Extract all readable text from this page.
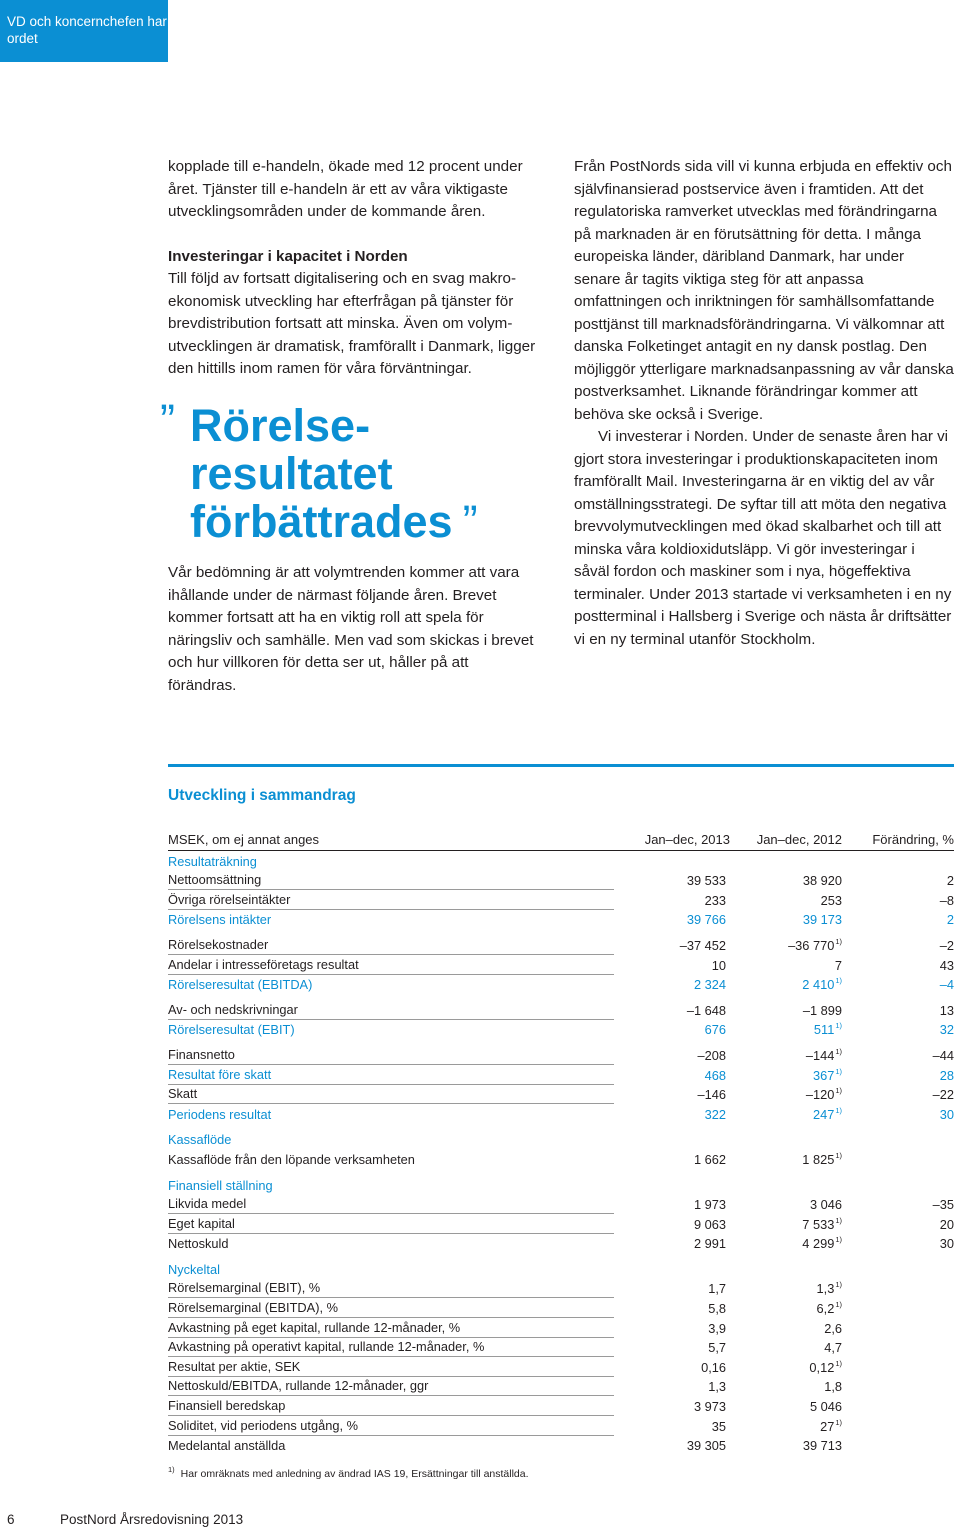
VD och koncernchefen har ordet

kopplade till e-handeln, ökade med 12 procent under året. Tjänster till e-handeln är ett av våra viktigaste utvecklingsområden under de kommande åren.

Investeringar i kapacitet i Norden

Till följd av fortsatt digitalisering och en svag makroekonomisk utveckling har efterfrågan på tjänster för brevdistribution fortsatt att minska. Även om volymutvecklingen är dramatisk, framförallt i Danmark, ligger den hittills inom ramen för våra förväntningar.

” Rörelse-
resultatet
förbättrades ”

Vår bedömning är att volymtrenden kommer att vara ihållande under de närmast följande åren. Brevet kommer fortsatt att ha en viktig roll att spela för näringsliv och samhälle. Men vad som skickas i brevet och hur villkoren för detta ser ut, håller på att förändras.

Från PostNords sida vill vi kunna erbjuda en effektiv och självfinansierad postservice även i framtiden. Att det regulatoriska ramverket utvecklas med förändringarna på marknaden är en förutsättning för detta. I många europeiska länder, däribland Danmark, har under senare år tagits viktiga steg för att anpassa omfattningen och inriktningen för samhällsomfattande posttjänst till marknadsförändringarna. Vi välkomnar att danska Folketinget antagit en ny dansk postlag. Den möjliggör ytterligare marknadsanpassning av vår danska postverksamhet. Liknande förändringar kommer att behöva ske också i Sverige.

Vi investerar i Norden. Under de senaste åren har vi gjort stora investeringar i produktionskapaciteten inom framförallt Mail. Investeringarna är en viktig del av vår omställningsstrategi. De syftar till att möta den negativa brevvolymutvecklingen med ökad skalbarhet och till att minska våra koldioxidutsläpp. Vi gör investeringar i såväl fordon och maskiner som i nya, högeffektiva terminaler. Under 2013 startade vi verksamheten i en ny postterminal i Hallsberg i Sverige och nästa år driftsätter vi en ny terminal utanför Stockholm.

Utveckling i sammandrag
MSEK, om ej annat anges	Jan–dec, 2013	Jan–dec, 2012	Förändring, %
Resultaträkning
Nettoomsättning	39 533	38 920	2
Övriga rörelseintäkter	233	253	–8
Rörelsens intäkter	39 766	39 173	2
Rörelsekostnader	–37 452	–36 770$^{1)}$	–2
Andelar i intresseföretags resultat	10	7	43
Rörelseresultat (EBITDA)	2 324	2 410$^{1)}$	–4
Av- och nedskrivningar	–1 648	–1 899	13
Rörelseresultat (EBIT)	676	511$^{1)}$	32
Finansnetto	–208	–144$^{1)}$	–44
Resultat före skatt	468	367$^{1)}$	28
Skatt	–146	–120$^{1)}$	–22
Periodens resultat	322	247$^{1)}$	30
Kassaflöde
Kassaflöde från den löpande verksamheten	1 662	1 825$^{1)}$
Finansiell ställning
Likvida medel	1 973	3 046	–35
Eget kapital	9 063	7 533$^{1)}$	20
Nettoskuld	2 991	4 299$^{1)}$	30
Nyckeltal
Rörelsemarginal (EBIT), %	1,7	1,3$^{1)}$
Rörelsemarginal (EBITDA), %	5,8	6,2$^{1)}$
Avkastning på eget kapital, rullande 12-månader, %	3,9	2,6
Avkastning på operativt kapital, rullande 12-månader, %	5,7	4,7
Resultat per aktie, SEK	0,16	0,12$^{1)}$
Nettoskuld/EBITDA, rullande 12-månader, ggr	1,3	1,8
Finansiell beredskap	3 973	5 046
Soliditet, vid periodens utgång, %	35	27$^{1)}$
Medelantal anställda	39 305	39 713
$^{1)}$ Har omräknats med anledning av ändrad IAS 19, Ersättningar till anställda.
6	PostNord Årsredovisning 2013
